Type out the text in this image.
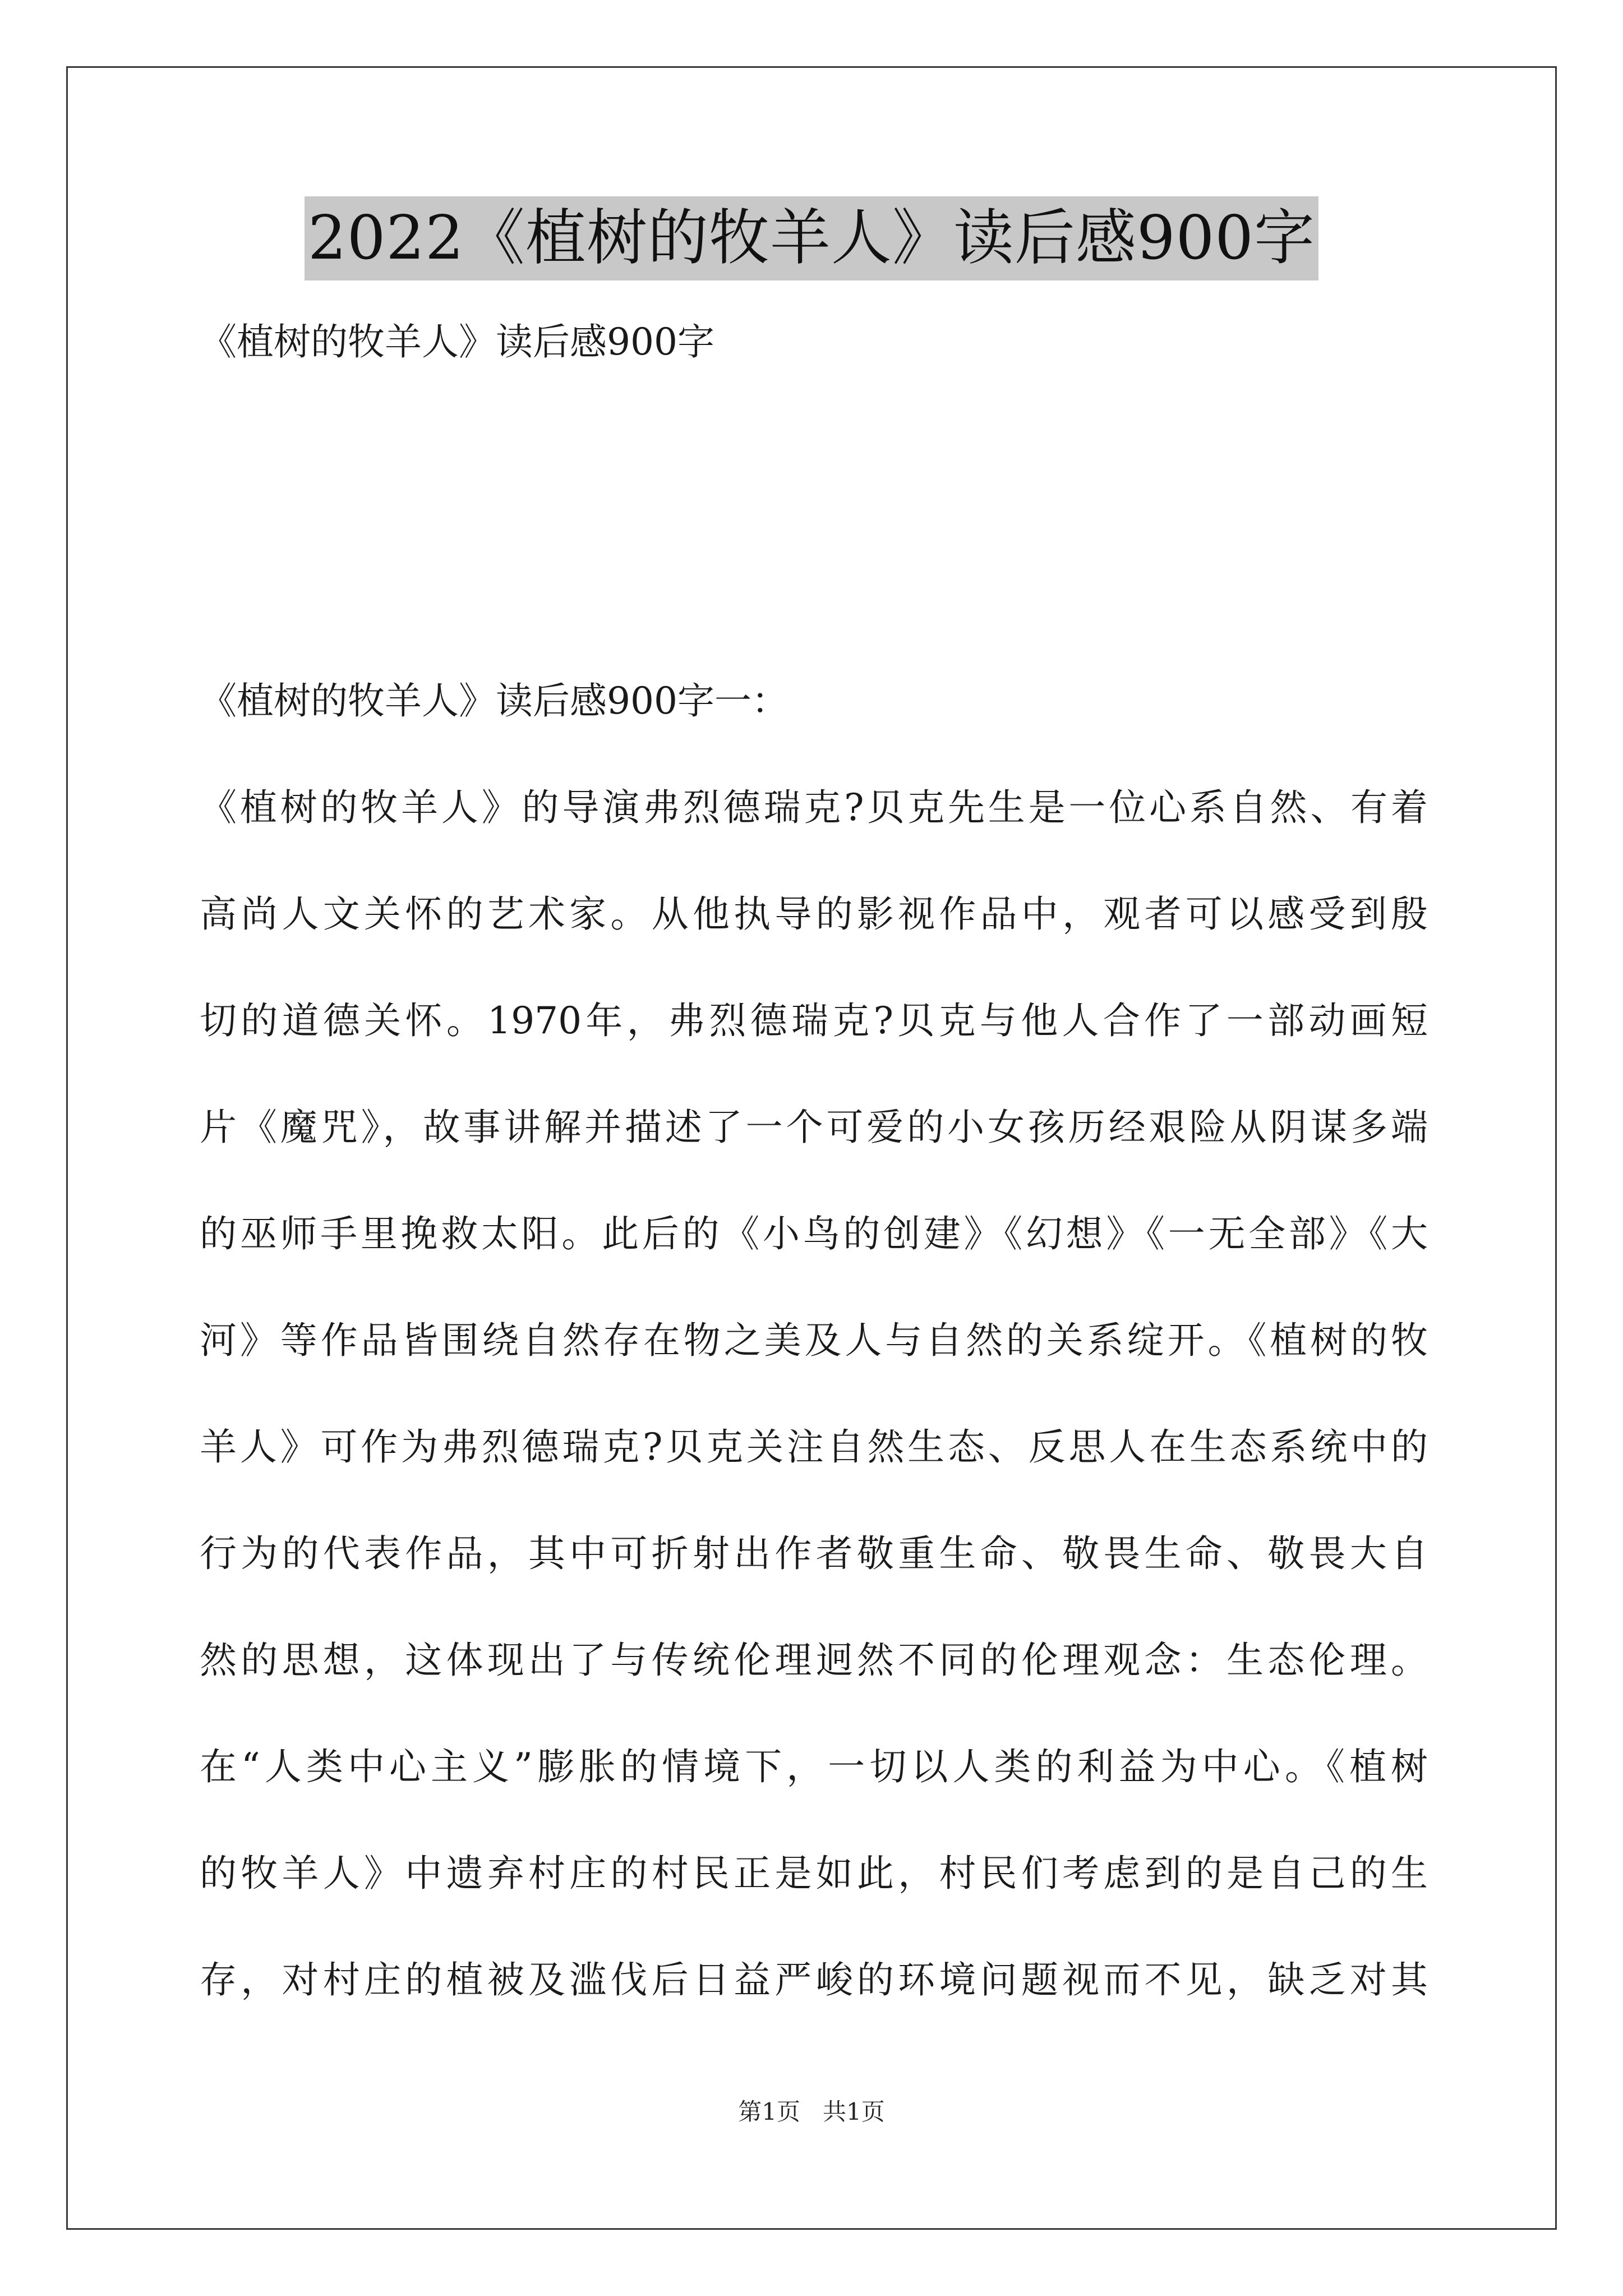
2022《植树的牧羊人》读后感900字
《植树的牧羊人》读后感900字
《植树的牧羊人》读后感900字一：
《植树的牧羊人》的导演弗烈德瑞克?贝克先生是一位心系自然、有着
高尚人文关怀的艺术家。从他执导的影视作品中，观者可以感受到殷
切的道德关怀。1970年，弗烈德瑞克?贝克与他人合作了一部动画短
片《魔咒》，故事讲解并描述了一个可爱的小女孩历经艰险从阴谋多端
的巫师手里挽救太阳。此后的《小鸟的创建》《幻想》《一无全部》《大
河》等作品皆围绕自然存在物之美及人与自然的关系绽开。《植树的牧
羊人》可作为弗烈德瑞克?贝克关注自然生态、反思人在生态系统中的
行为的代表作品，其中可折射出作者敬重生命、敬畏生命、敬畏大自
然的思想，这体现出了与传统伦理迥然不同的伦理观念：生态伦理。
在“人类中心主义”膨胀的情境下，一切以人类的利益为中心。《植树
的牧羊人》中遗弃村庄的村民正是如此，村民们考虑到的是自己的生
存，对村庄的植被及滥伐后日益严峻的环境问题视而不见，缺乏对其
第1页 共1页
